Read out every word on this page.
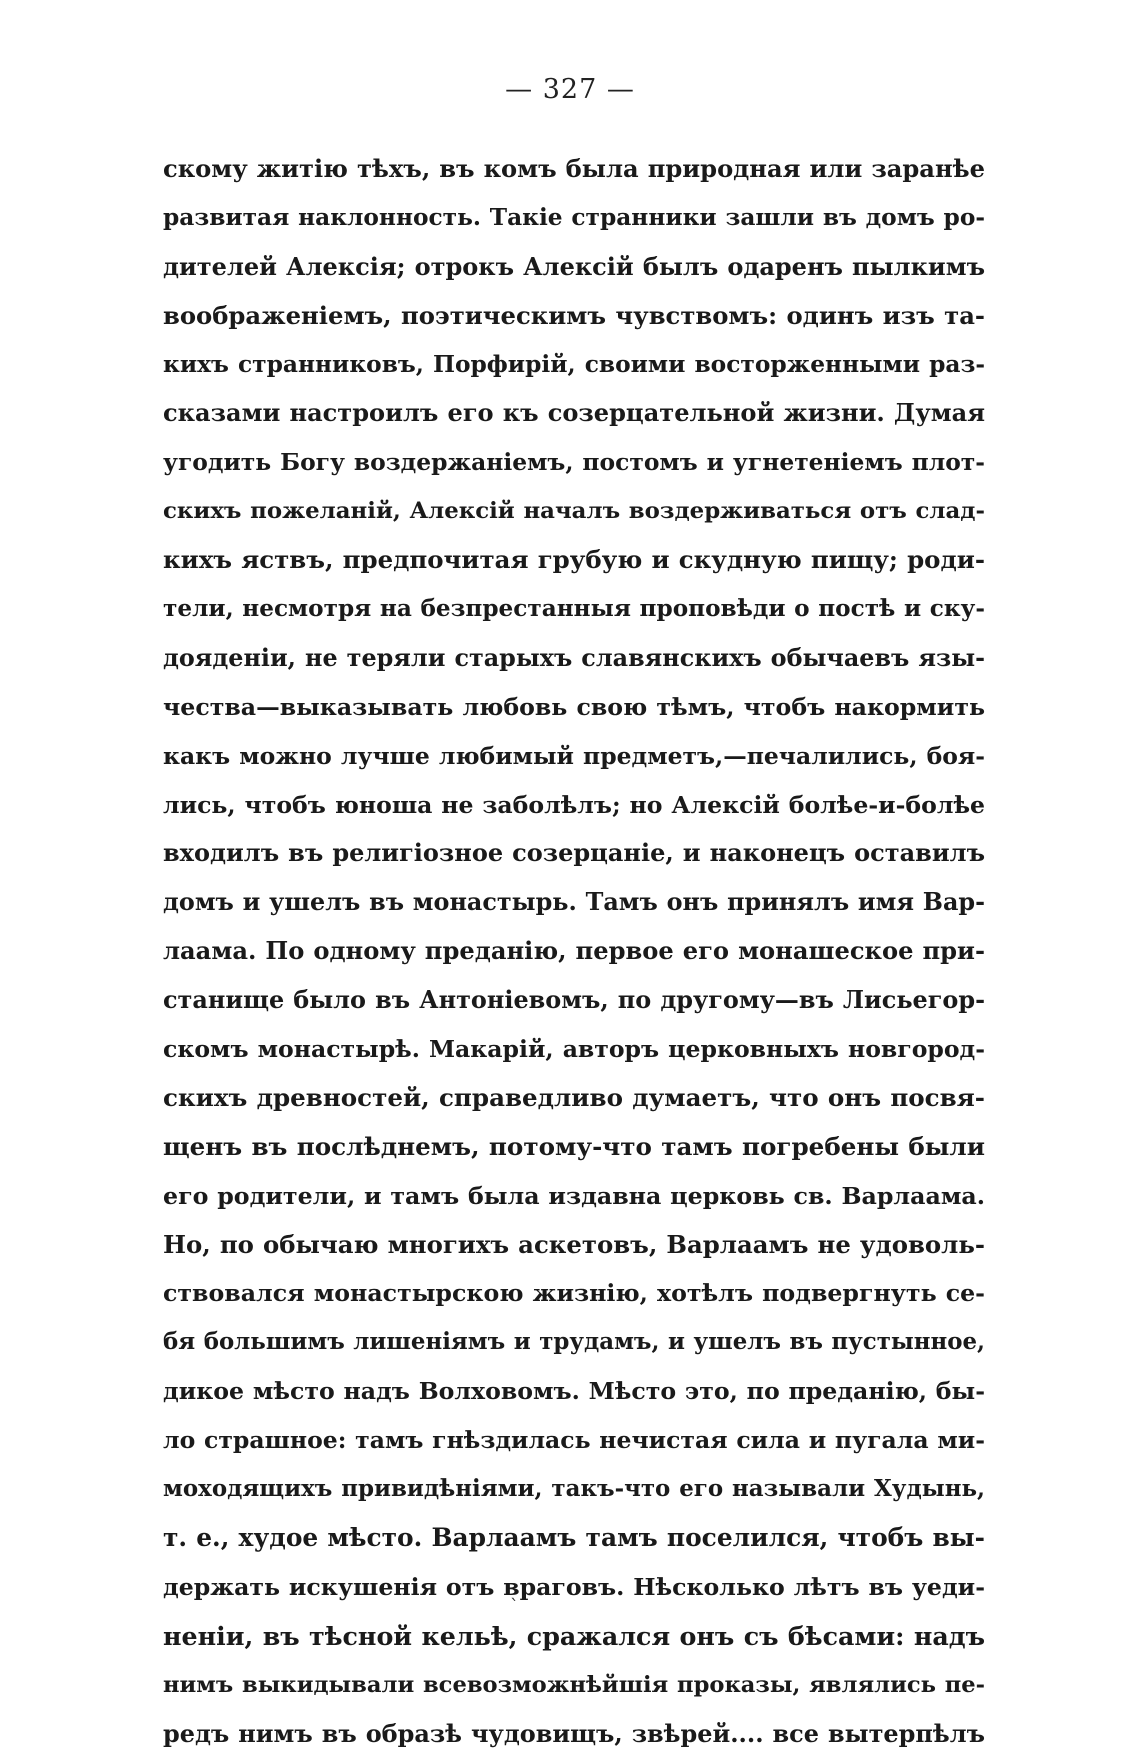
— 327 —
скому житію тѣхъ, въ комъ была природная или заранѣе
развитая наклонность. Такіе странники зашли въ домъ ро-
дителей Алексія; отрокъ Алексій былъ одаренъ пылкимъ
воображеніемъ, поэтическимъ чувствомъ: одинъ изъ та-
кихъ странниковъ, Порфирій, своими восторженными раз-
сказами настроилъ его къ созерцательной жизни. Думая
угодить Богу воздержаніемъ, постомъ и угнетеніемъ плот-
скихъ пожеланій, Алексій началъ воздерживаться отъ слад-
кихъ яствъ, предпочитая грубую и скудную пищу; роди-
тели, несмотря на безпрестанныя проповѣди о постѣ и ску-
дояденіи, не теряли старыхъ славянскихъ обычаевъ язы-
чества—выказывать любовь свою тѣмъ, чтобъ накормить
какъ можно лучше любимый предметъ,—печалились, боя-
лись, чтобъ юноша не заболѣлъ; но Алексій болѣе-и-болѣе
входилъ въ религіозное созерцаніе, и наконецъ оставилъ
домъ и ушелъ въ монастырь. Тамъ онъ принялъ имя Вар-
лаама. По одному преданію, первое его монашеское при-
станище было въ Антоніевомъ, по другому—въ Лисьегор-
скомъ монастырѣ. Макарій, авторъ церковныхъ новгород-
скихъ древностей, справедливо думаетъ, что онъ посвя-
щенъ въ послѣднемъ, потому-что тамъ погребены были
его родители, и тамъ была издавна церковь св. Варлаама.
Но, по обычаю многихъ аскетовъ, Варлаамъ не удоволь-
ствовался монастырскою жизнію, хотѣлъ подвергнуть се-
бя большимъ лишеніямъ и трудамъ, и ушелъ въ пустынное,
дикое мѣсто надъ Волховомъ. Мѣсто это, по преданію, бы-
ло страшное: тамъ гнѣздилась нечистая сила и пугала ми-
моходящихъ привидѣніями, такъ-что его называли Худынь,
т. е., худое мѣсто. Варлаамъ тамъ поселился, чтобъ вы-
держать искушенія отъ враговъ. Нѣсколько лѣтъ въ уеди-
неніи, въ тѣсной кельѣ, сражался онъ съ бѣсами: надъ
нимъ выкидывали всевозможнѣйшія проказы, являлись пе-
редъ нимъ въ образѣ чудовищъ, звѣрей.... все вытерпѣлъ
ˋ
